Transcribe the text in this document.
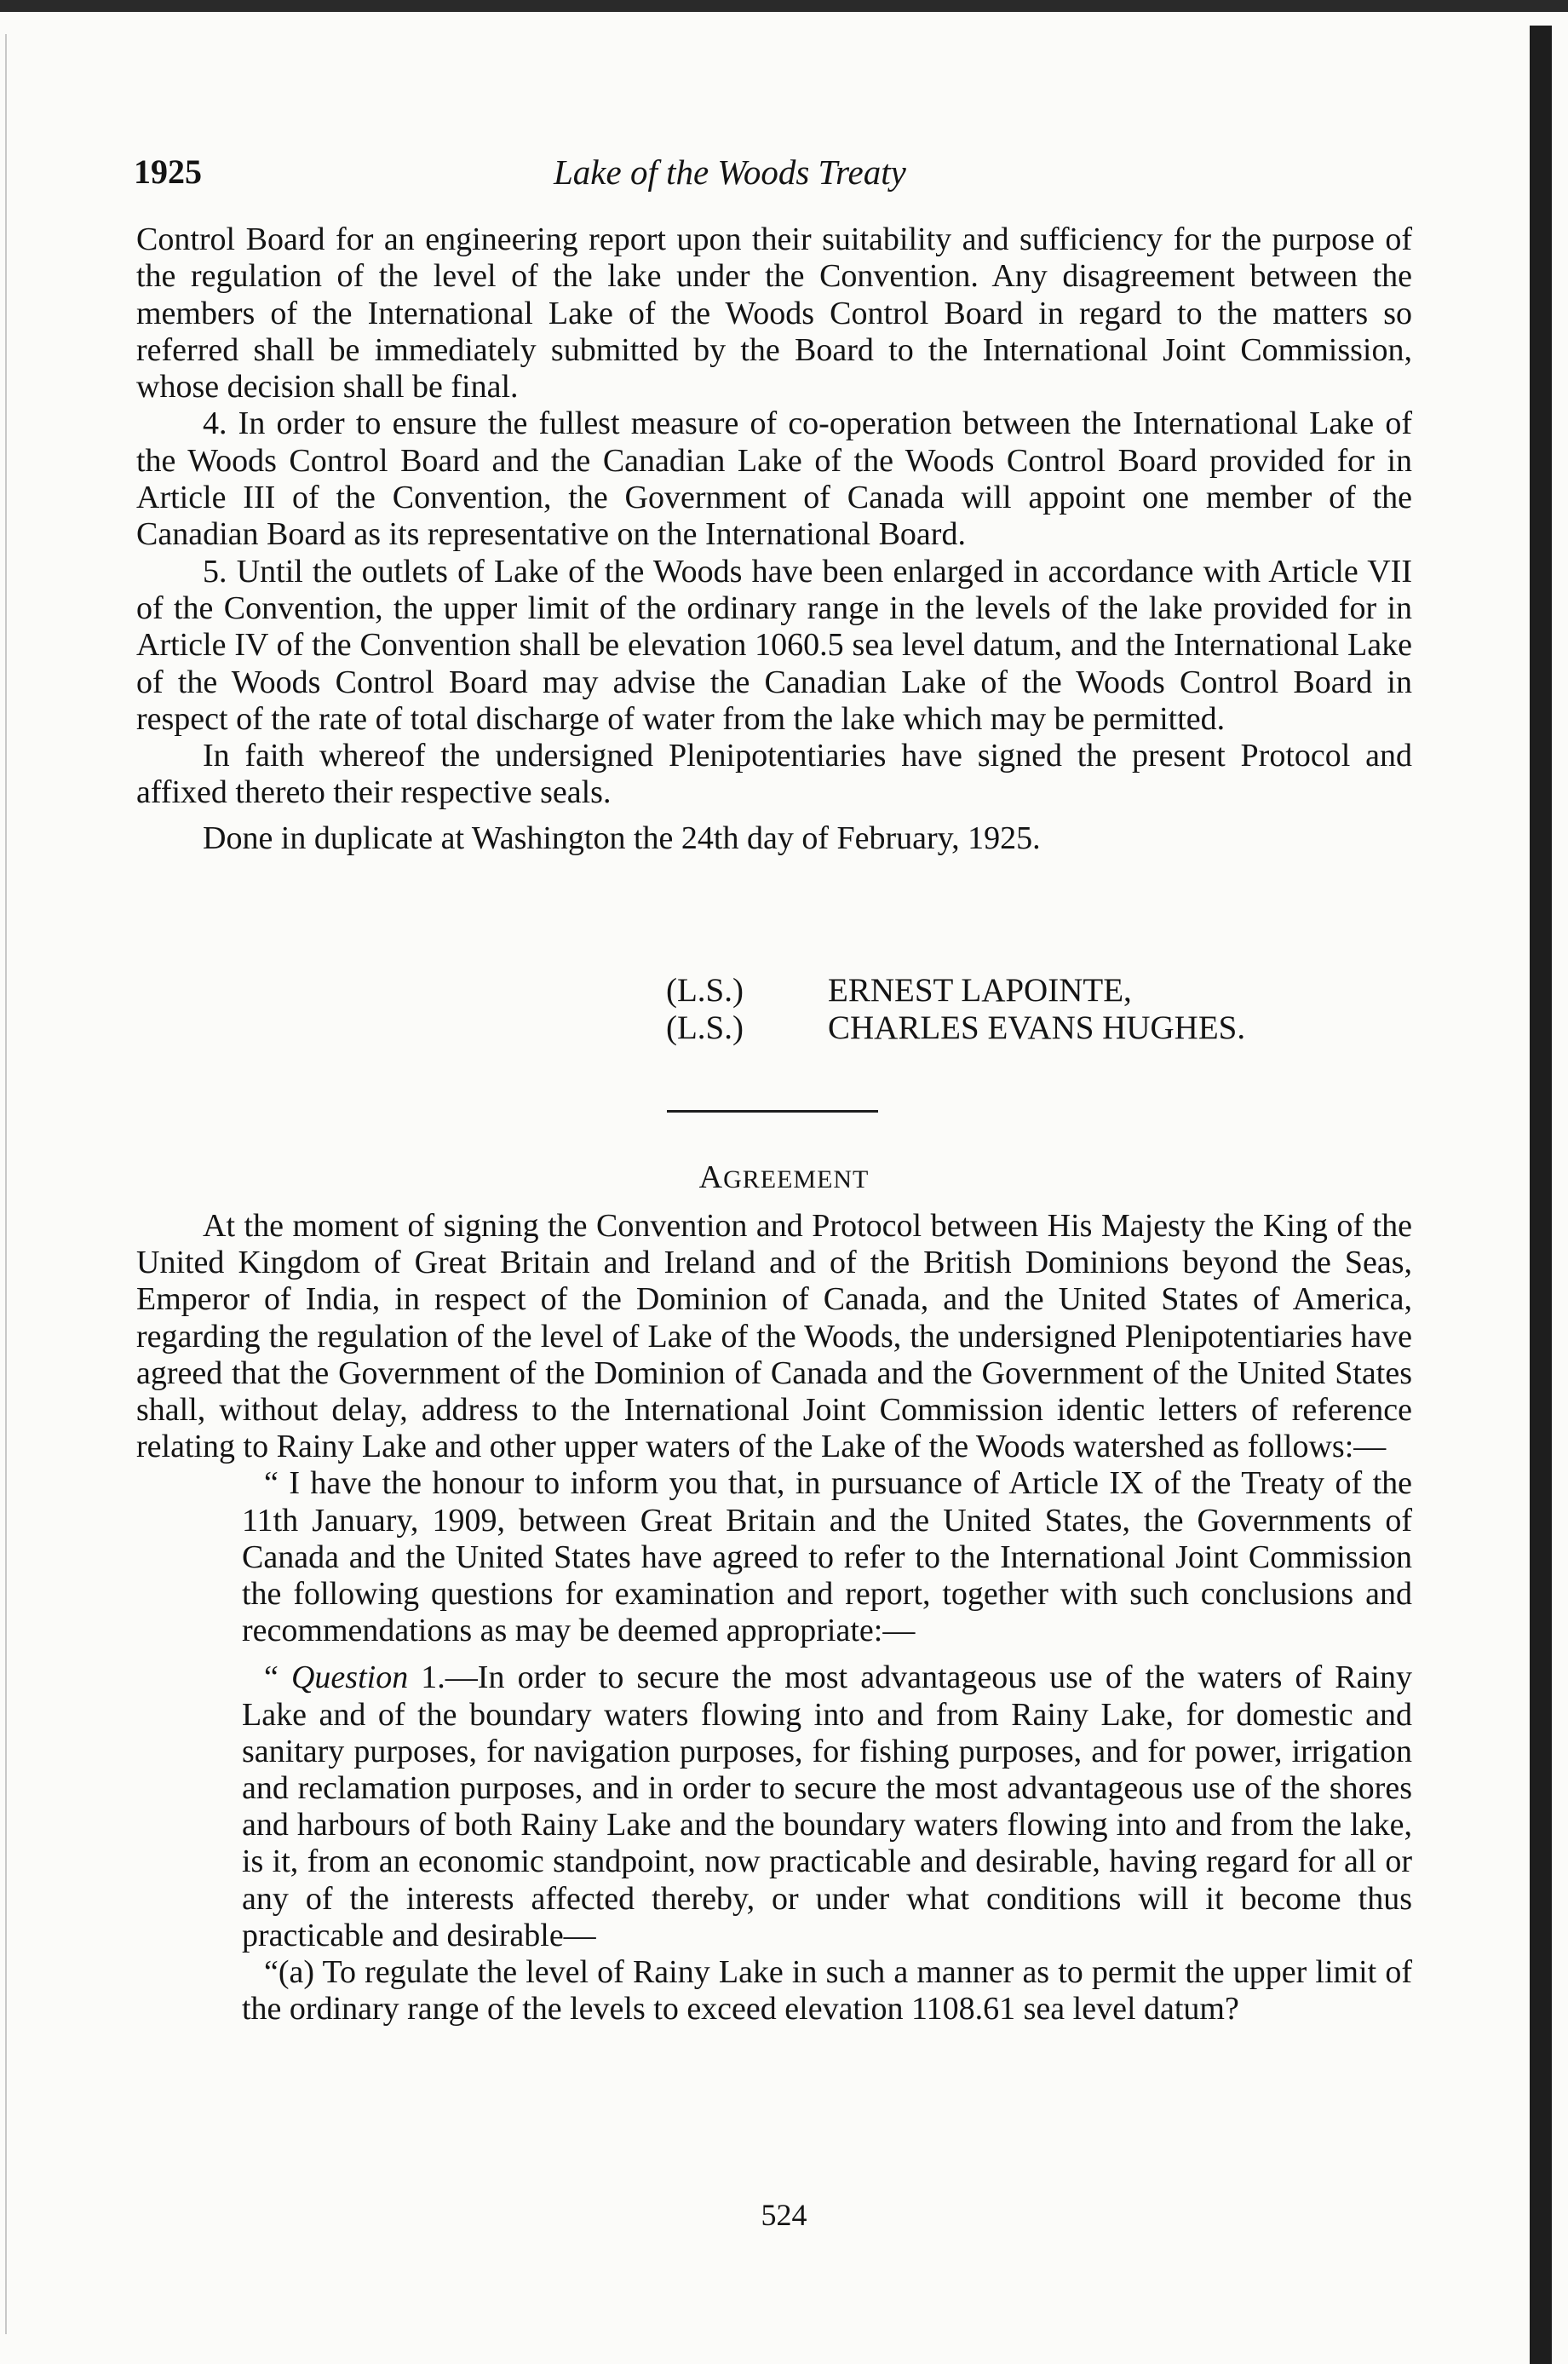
1925	Lake of the Woods Treaty

Control Board for an engineering report upon their suitability and sufficiency for the purpose of the regulation of the level of the lake under the Convention. Any disagreement between the members of the International Lake of the Woods Control Board in regard to the matters so referred shall be immediately submitted by the Board to the International Joint Commission, whose decision shall be final.

4. In order to ensure the fullest measure of co-operation between the International Lake of the Woods Control Board and the Canadian Lake of the Woods Control Board provided for in Article III of the Convention, the Government of Canada will appoint one member of the Canadian Board as its representative on the International Board.

5. Until the outlets of Lake of the Woods have been enlarged in accordance with Article VII of the Convention, the upper limit of the ordinary range in the levels of the lake provided for in Article IV of the Convention shall be elevation 1060.5 sea level datum, and the International Lake of the Woods Control Board may advise the Canadian Lake of the Woods Control Board in respect of the rate of total discharge of water from the lake which may be permitted.

In faith whereof the undersigned Plenipotentiaries have signed the present Protocol and affixed thereto their respective seals.

Done in duplicate at Washington the 24th day of February, 1925.

(L.S.)	ERNEST LAPOINTE,
(L.S.)	CHARLES EVANS HUGHES.
AGREEMENT

At the moment of signing the Convention and Protocol between His Majesty the King of the United Kingdom of Great Britain and Ireland and of the British Dominions beyond the Seas, Emperor of India, in respect of the Dominion of Canada, and the United States of America, regarding the regulation of the level of Lake of the Woods, the undersigned Plenipotentiaries have agreed that the Government of the Dominion of Canada and the Government of the United States shall, without delay, address to the International Joint Commission identic letters of reference relating to Rainy Lake and other upper waters of the Lake of the Woods watershed as follows:—

“ I have the honour to inform you that, in pursuance of Article IX of the Treaty of the 11th January, 1909, between Great Britain and the United States, the Governments of Canada and the United States have agreed to refer to the International Joint Commission the following questions for examination and report, together with such conclusions and recommendations as may be deemed appropriate:—

“ Question 1.—In order to secure the most advantageous use of the waters of Rainy Lake and of the boundary waters flowing into and from Rainy Lake, for domestic and sanitary purposes, for navigation purposes, for fishing purposes, and for power, irrigation and reclamation purposes, and in order to secure the most advantageous use of the shores and harbours of both Rainy Lake and the boundary waters flowing into and from the lake, is it, from an economic standpoint, now practicable and desirable, having regard for all or any of the interests affected thereby, or under what conditions will it become thus practicable and desirable—

“(a) To regulate the level of Rainy Lake in such a manner as to permit the upper limit of the ordinary range of the levels to exceed elevation 1108.61 sea level datum?

524
